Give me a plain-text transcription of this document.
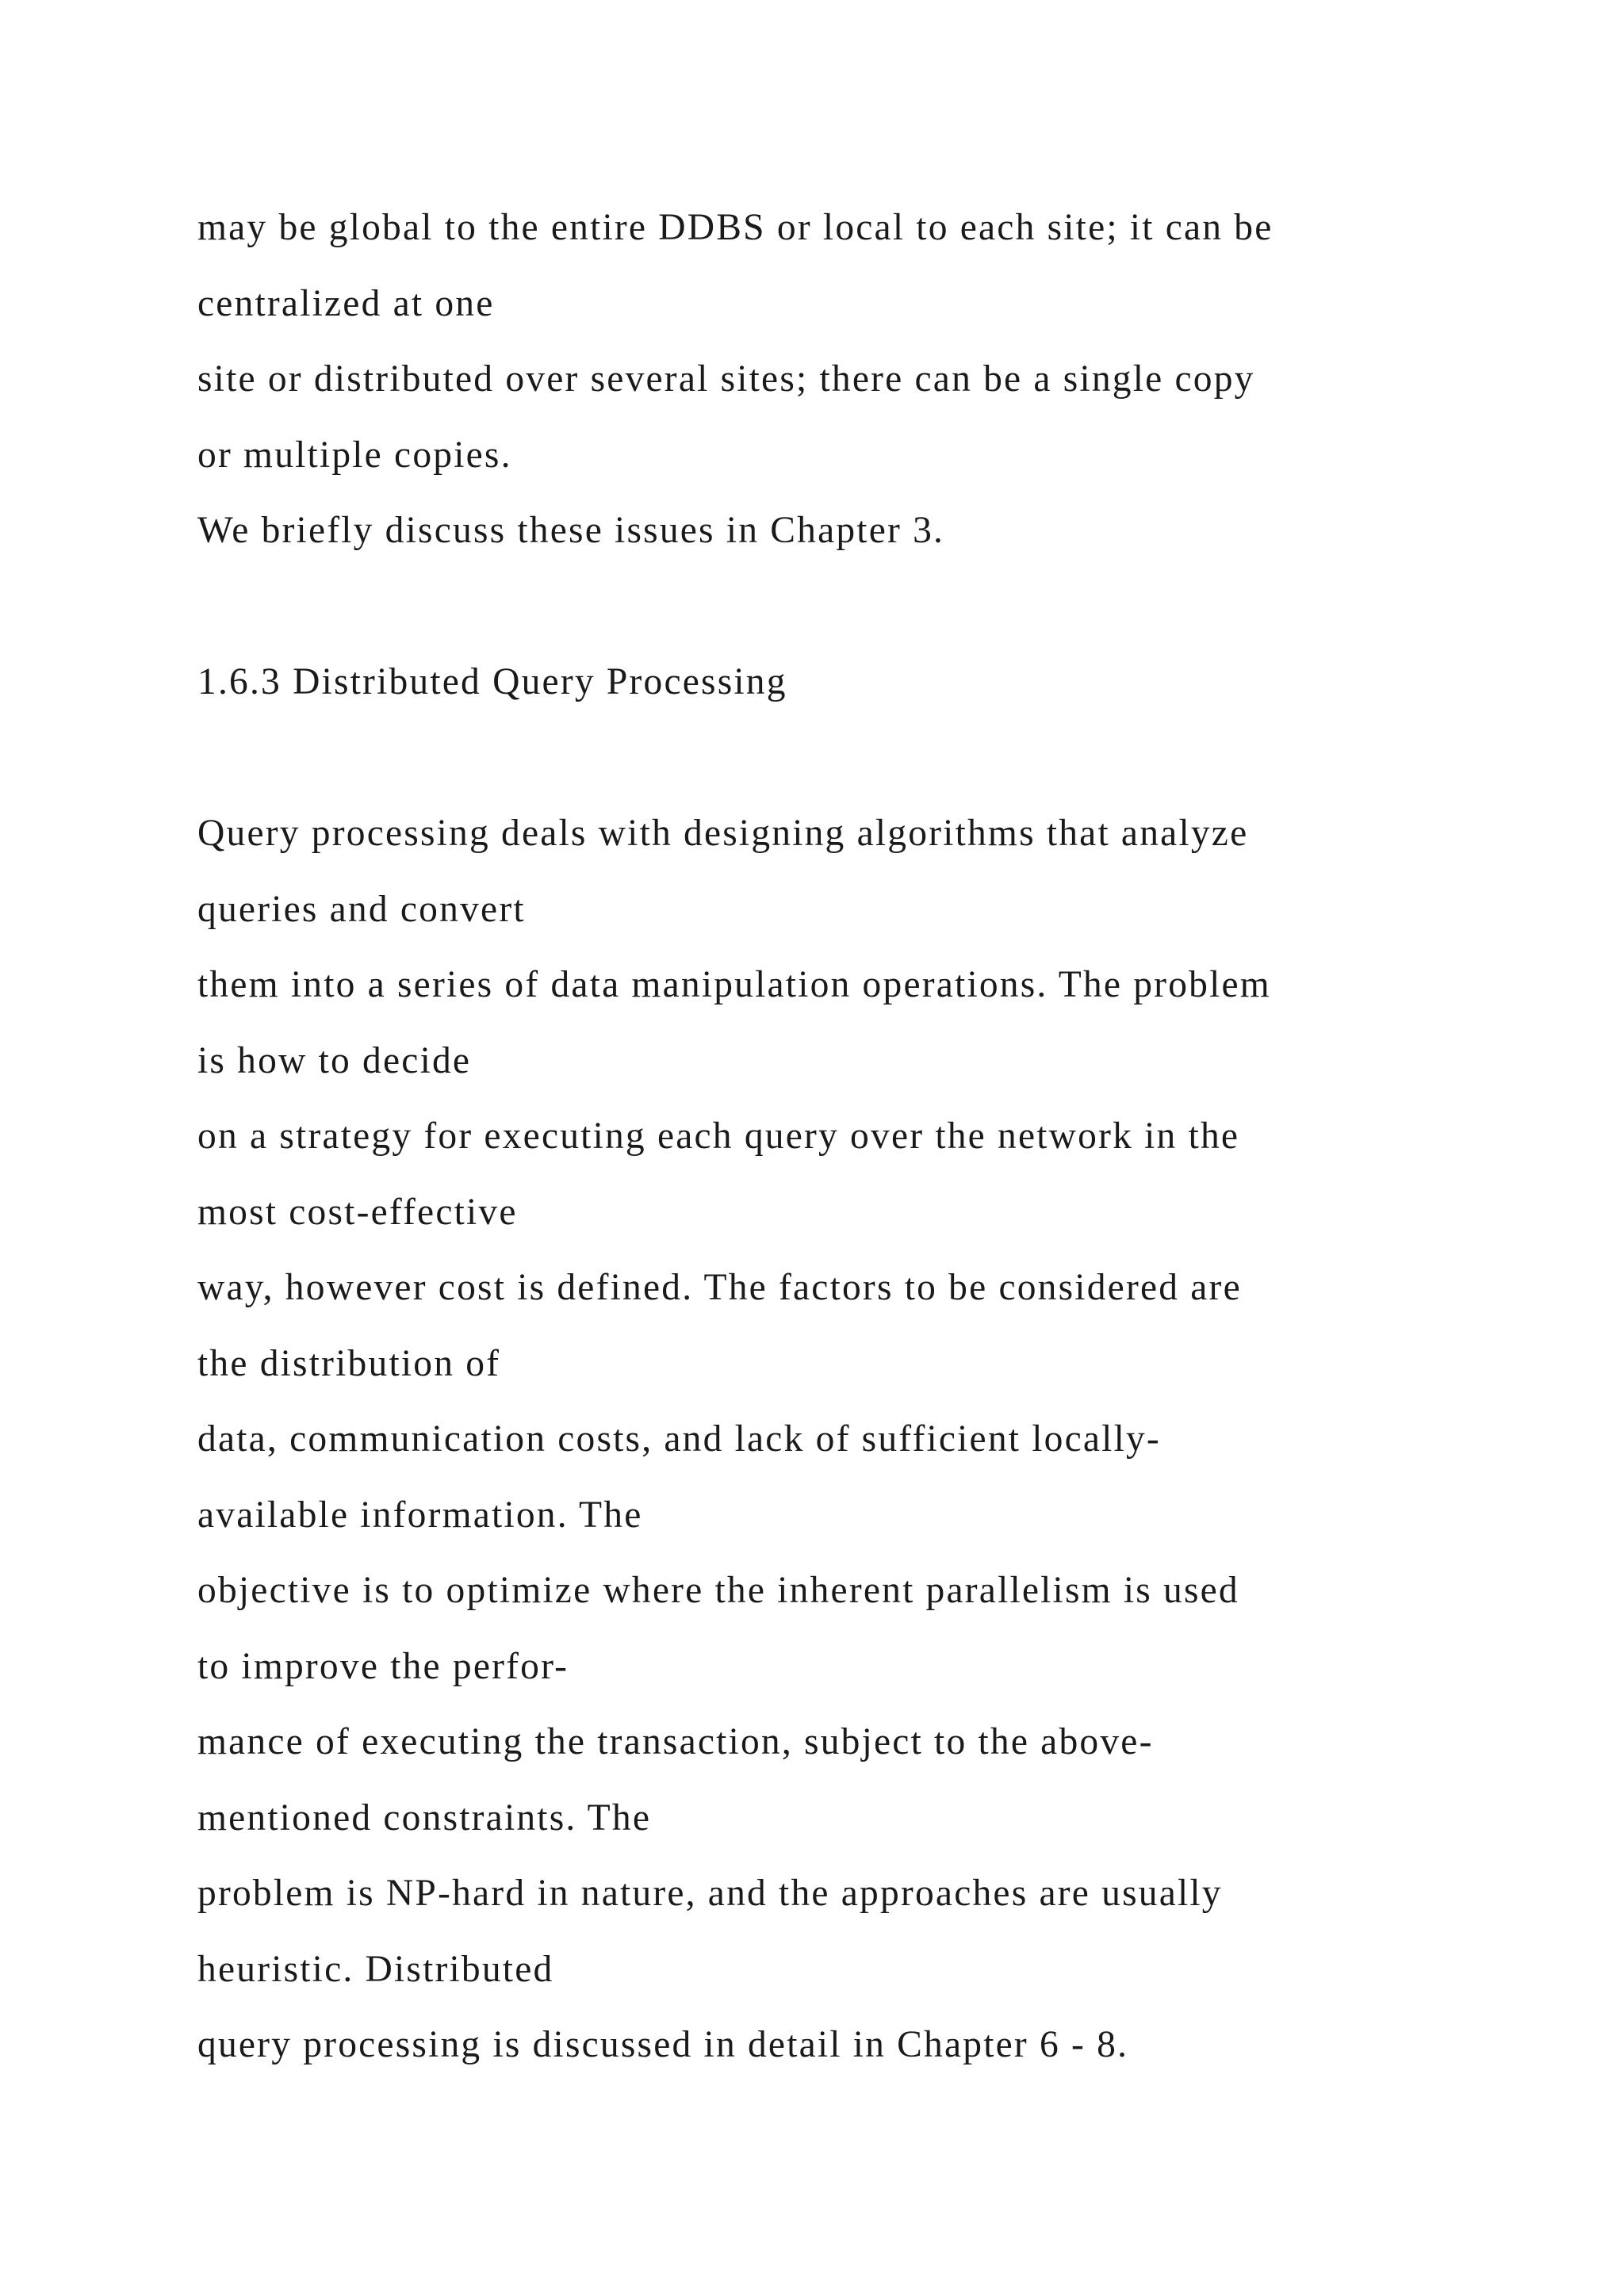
may be global to the entire DDBS or local to each site; it can be
centralized at one
site or distributed over several sites; there can be a single copy
or multiple copies.
We briefly discuss these issues in Chapter 3.
1.6.3 Distributed Query Processing
Query processing deals with designing algorithms that analyze
queries and convert
them into a series of data manipulation operations. The problem
is how to decide
on a strategy for executing each query over the network in the
most cost-effective
way, however cost is defined. The factors to be considered are
the distribution of
data, communication costs, and lack of sufficient locally-
available information. The
objective is to optimize where the inherent parallelism is used
to improve the perfor-
mance of executing the transaction, subject to the above-
mentioned constraints. The
problem is NP-hard in nature, and the approaches are usually
heuristic. Distributed
query processing is discussed in detail in Chapter 6 - 8.
